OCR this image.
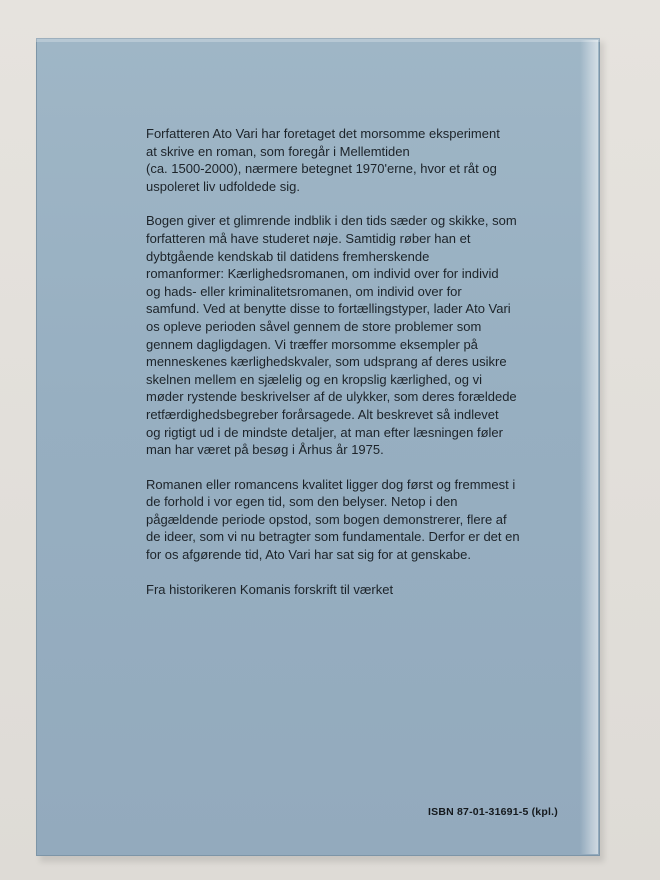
Forfatteren Ato Vari har foretaget det morsomme eksperiment
at skrive en roman, som foregår i Mellemtiden
(ca. 1500-2000), nærmere betegnet 1970'erne, hvor et råt og
uspoleret liv udfoldede sig.

Bogen giver et glimrende indblik i den tids sæder og skikke, som
forfatteren må have studeret nøje. Samtidig røber han et
dybtgående kendskab til datidens fremherskende
romanformer: Kærlighedsromanen, om individ over for individ
og hads- eller kriminalitetsromanen, om individ over for
samfund. Ved at benytte disse to fortællingstyper, lader Ato Vari
os opleve perioden såvel gennem de store problemer som
gennem dagligdagen. Vi træffer morsomme eksempler på
menneskenes kærlighedskvaler, som udsprang af deres usikre
skelnen mellem en sjælelig og en kropslig kærlighed, og vi
møder rystende beskrivelser af de ulykker, som deres forældede
retfærdighedsbegreber forårsagede. Alt beskrevet så indlevet
og rigtigt ud i de mindste detaljer, at man efter læsningen føler
man har været på besøg i Århus år 1975.

Romanen eller romancens kvalitet ligger dog først og fremmest i
de forhold i vor egen tid, som den belyser. Netop i den
pågældende periode opstod, som bogen demonstrerer, flere af
de ideer, som vi nu betragter som fundamentale. Derfor er det en
for os afgørende tid, Ato Vari har sat sig for at genskabe.

Fra historikeren Komanis forskrift til værket

ISBN 87-01-31691-5 (kpl.)
